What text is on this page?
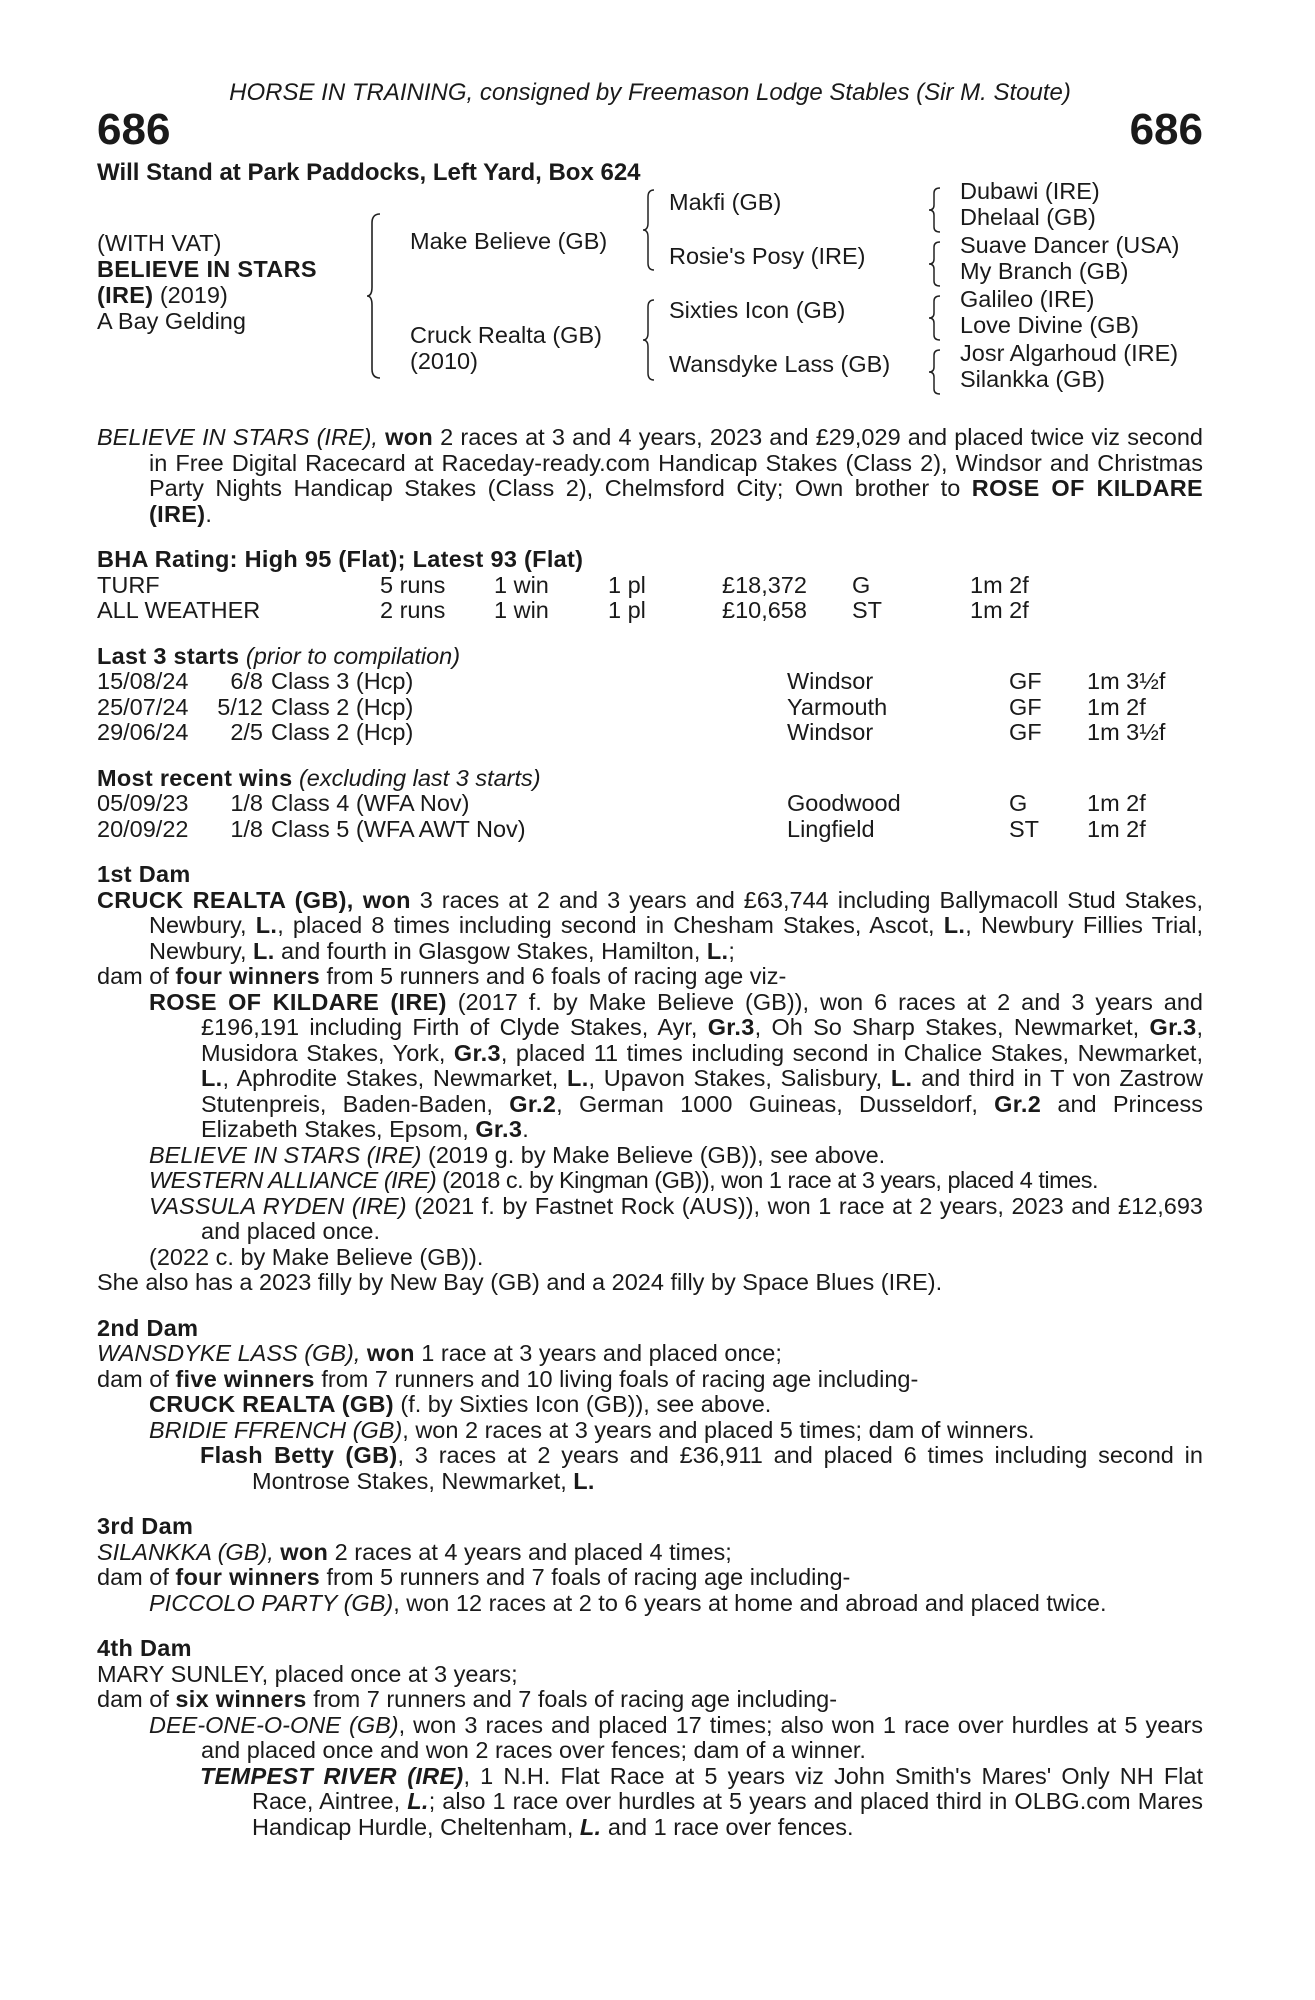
HORSE IN TRAINING, consigned by Freemason Lodge Stables (Sir M. Stoute)
686	686
Will Stand at Park Paddocks, Left Yard, Box 624
(WITH VAT)
BELIEVE IN STARS
(IRE) (2019)
A Bay Gelding
Make Believe (GB)
Cruck Realta (GB)
(2010)
Makfi (GB)
Rosie's Posy (IRE)
Sixties Icon (GB)
Wansdyke Lass (GB)
Dubawi (IRE)
Dhelaal (GB)
Suave Dancer (USA)
My Branch (GB)
Galileo (IRE)
Love Divine (GB)
Josr Algarhoud (IRE)
Silankka (GB)
BELIEVE IN STARS (IRE), won 2 races at 3 and 4 years, 2023 and £29,029 and placed twice viz second in Free Digital Racecard at Raceday-ready.com Handicap Stakes (Class 2), Windsor and Christmas Party Nights Handicap Stakes (Class 2), Chelmsford City; Own brother to ROSE OF KILDARE (IRE).
BHA Rating: High 95 (Flat); Latest 93 (Flat)
TURF	5 runs	1 win	1 pl	£18,372	G	1m 2f
ALL WEATHER	2 runs	1 win	1 pl	£10,658	ST	1m 2f
Last 3 starts (prior to compilation)
15/08/24	6/8	Class 3 (Hcp)	Windsor	GF	1m 3½f
25/07/24	5/12	Class 2 (Hcp)	Yarmouth	GF	1m 2f
29/06/24	2/5	Class 2 (Hcp)	Windsor	GF	1m 3½f
Most recent wins (excluding last 3 starts)
05/09/23	1/8	Class 4 (WFA Nov)	Goodwood	G	1m 2f
20/09/22	1/8	Class 5 (WFA AWT Nov)	Lingfield	ST	1m 2f
1st Dam
CRUCK REALTA (GB), won 3 races at 2 and 3 years and £63,744 including Ballymacoll Stud Stakes, Newbury, L., placed 8 times including second in Chesham Stakes, Ascot, L., Newbury Fillies Trial, Newbury, L. and fourth in Glasgow Stakes, Hamilton, L.;
dam of four winners from 5 runners and 6 foals of racing age viz-
ROSE OF KILDARE (IRE) (2017 f. by Make Believe (GB)), won 6 races at 2 and 3 years and £196,191 including Firth of Clyde Stakes, Ayr, Gr.3, Oh So Sharp Stakes, Newmarket, Gr.3, Musidora Stakes, York, Gr.3, placed 11 times including second in Chalice Stakes, Newmarket, L., Aphrodite Stakes, Newmarket, L., Upavon Stakes, Salisbury, L. and third in T von Zastrow Stutenpreis, Baden-Baden, Gr.2, German 1000 Guineas, Dusseldorf, Gr.2 and Princess Elizabeth Stakes, Epsom, Gr.3.
BELIEVE IN STARS (IRE) (2019 g. by Make Believe (GB)), see above.
WESTERN ALLIANCE (IRE) (2018 c. by Kingman (GB)), won 1 race at 3 years, placed 4 times.
VASSULA RYDEN (IRE) (2021 f. by Fastnet Rock (AUS)), won 1 race at 2 years, 2023 and £12,693 and placed once.
(2022 c. by Make Believe (GB)).
She also has a 2023 filly by New Bay (GB) and a 2024 filly by Space Blues (IRE).
2nd Dam
WANSDYKE LASS (GB), won 1 race at 3 years and placed once;
dam of five winners from 7 runners and 10 living foals of racing age including-
CRUCK REALTA (GB) (f. by Sixties Icon (GB)), see above.
BRIDIE FFRENCH (GB), won 2 races at 3 years and placed 5 times; dam of winners.
Flash Betty (GB), 3 races at 2 years and £36,911 and placed 6 times including second in Montrose Stakes, Newmarket, L.
3rd Dam
SILANKKA (GB), won 2 races at 4 years and placed 4 times;
dam of four winners from 5 runners and 7 foals of racing age including-
PICCOLO PARTY (GB), won 12 races at 2 to 6 years at home and abroad and placed twice.
4th Dam
MARY SUNLEY, placed once at 3 years;
dam of six winners from 7 runners and 7 foals of racing age including-
DEE-ONE-O-ONE (GB), won 3 races and placed 17 times; also won 1 race over hurdles at 5 years and placed once and won 2 races over fences; dam of a winner.
TEMPEST RIVER (IRE), 1 N.H. Flat Race at 5 years viz John Smith's Mares' Only NH Flat Race, Aintree, L.; also 1 race over hurdles at 5 years and placed third in OLBG.com Mares Handicap Hurdle, Cheltenham, L. and 1 race over fences.
